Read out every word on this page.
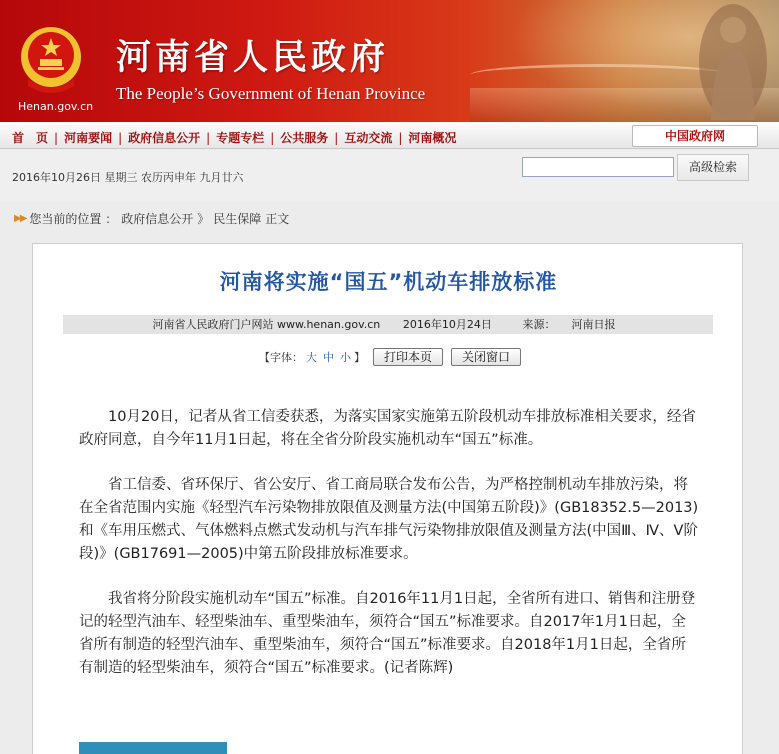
Henan.gov.cn
河南省人民政府
The People’s Government of Henan Province
首　页 | 河南要闻 | 政府信息公开 | 专题专栏 | 公共服务 | 互动交流 | 河南概况	中国政府网
2016年10月26日 星期三 农历丙申年 九月廿六
高级检索
▶▶ 您当前的位置 ： 政府信息公开 》 民生保障 正文
河南将实施“国五”机动车排放标准
河南省人民政府门户网站 www.henan.gov.cn 2016年10月24日	来源： 河南日报
【字体： 大 中 小 】	打印本页	关闭窗口

10月20日，记者从省工信委获悉，为落实国家实施第五阶段机动车排放标准相关要求，经省政府同意，自今年11月1日起，将在全省分阶段实施机动车“国五”标准。

省工信委、省环保厅、省公安厅、省工商局联合发布公告，为严格控制机动车排放污染，将在全省范围内实施《轻型汽车污染物排放限值及测量方法(中国第五阶段)》(GB18352.5—2013)和《车用压燃式、气体燃料点燃式发动机与汽车排气污染物排放限值及测量方法(中国Ⅲ、Ⅳ、Ⅴ阶段)》(GB17691—2005)中第五阶段排放标准要求。

我省将分阶段实施机动车“国五”标准。自2016年11月1日起，全省所有进口、销售和注册登记的轻型汽油车、轻型柴油车、重型柴油车，须符合“国五”标准要求。自2017年1月1日起，全省所有制造的轻型汽油车、重型柴油车，须符合“国五”标准要求。自2018年1月1日起，全省所有制造的轻型柴油车，须符合“国五”标准要求。(记者陈辉)
